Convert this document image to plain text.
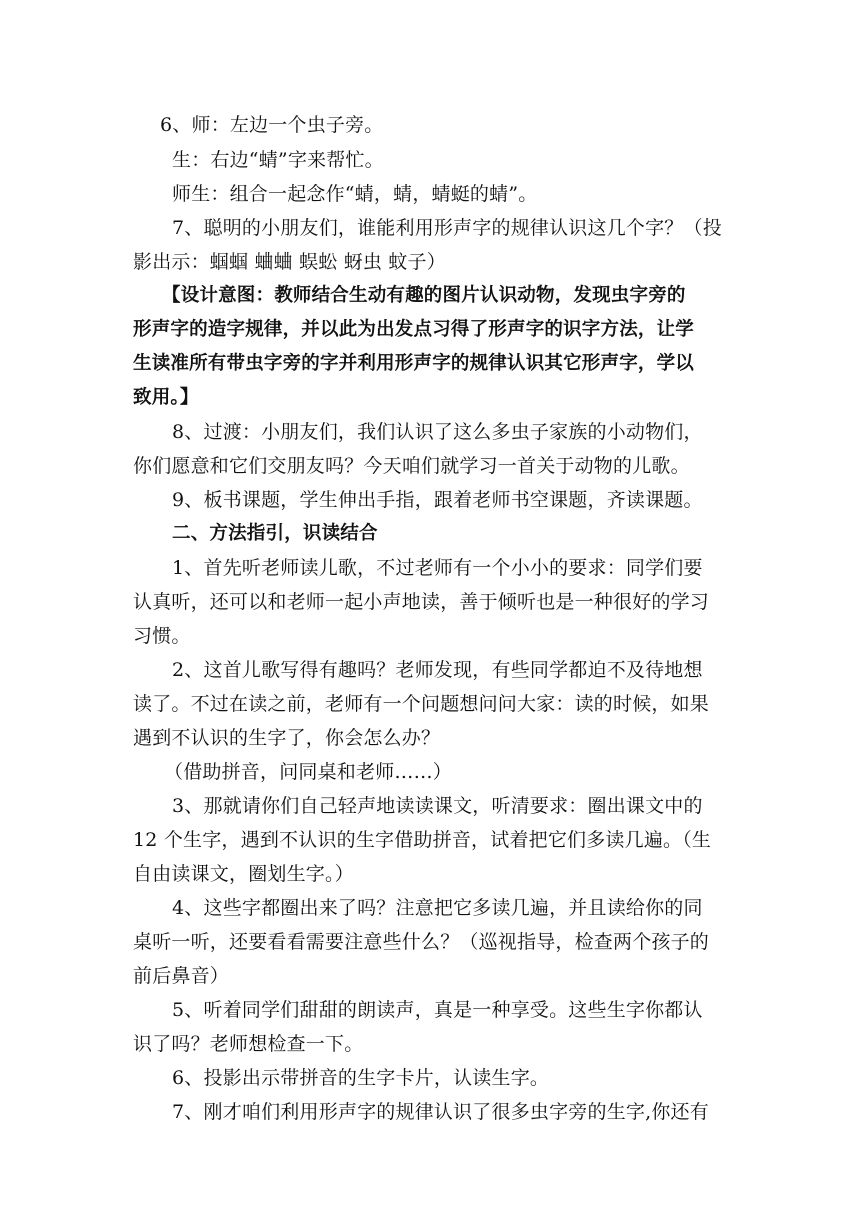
6、师：左边一个虫子旁。
生：右边“蜻”字来帮忙。
师生：组合一起念作“蜻，蜻，蜻蜓的蜻”。
7、聪明的小朋友们，谁能利用形声字的规律认识这几个字？（投
影出示：蝈蝈 蛐蛐 蜈蚣 蚜虫 蚊子）
【设计意图：教师结合生动有趣的图片认识动物，发现虫字旁的
形声字的造字规律，并以此为出发点习得了形声字的识字方法，让学
生读准所有带虫字旁的字并利用形声字的规律认识其它形声字，学以
致用。】
8、过渡：小朋友们，我们认识了这么多虫子家族的小动物们，
你们愿意和它们交朋友吗？今天咱们就学习一首关于动物的儿歌。
9、板书课题，学生伸出手指，跟着老师书空课题，齐读课题。
二、方法指引，识读结合
1、首先听老师读儿歌，不过老师有一个小小的要求：同学们要
认真听，还可以和老师一起小声地读，善于倾听也是一种很好的学习
习惯。
2、这首儿歌写得有趣吗？老师发现，有些同学都迫不及待地想
读了。不过在读之前，老师有一个问题想问问大家：读的时候，如果
遇到不认识的生字了，你会怎么办？
（借助拼音，问同桌和老师……）
3、那就请你们自己轻声地读读课文，听清要求：圈出课文中的
12 个生字，遇到不认识的生字借助拼音，试着把它们多读几遍。（生
自由读课文，圈划生字。）
4、这些字都圈出来了吗？注意把它多读几遍，并且读给你的同
桌听一听，还要看看需要注意些什么？（巡视指导，检查两个孩子的
前后鼻音）
5、听着同学们甜甜的朗读声，真是一种享受。这些生字你都认
识了吗？老师想检查一下。
6、投影出示带拼音的生字卡片，认读生字。
7、刚才咱们利用形声字的规律认识了很多虫字旁的生字,你还有
